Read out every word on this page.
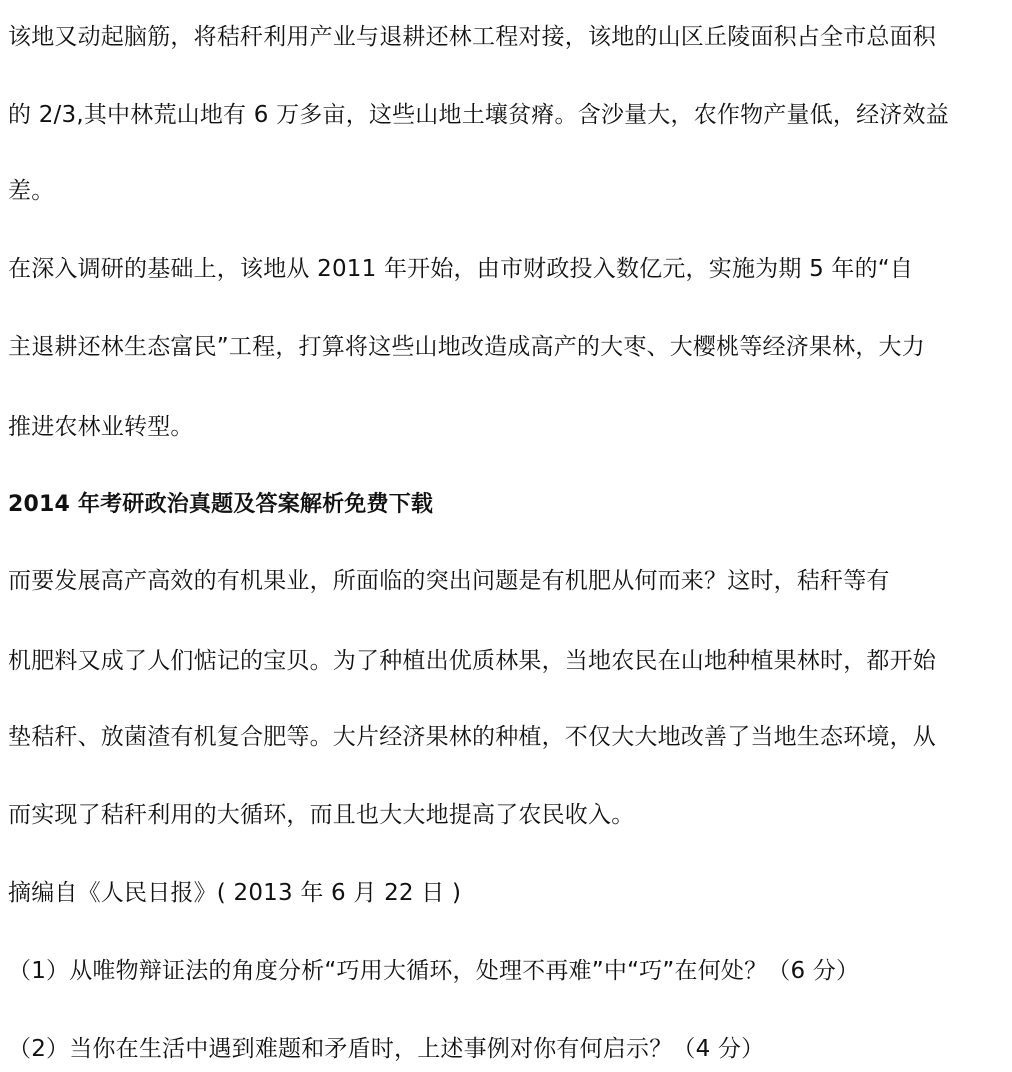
该地又动起脑筋，将秸秆利用产业与退耕还林工程对接，该地的山区丘陵面积占全市总面积
的 2/3,其中林荒山地有 6 万多亩，这些山地土壤贫瘠。含沙量大，农作物产量低，经济效益
差。
在深入调研的基础上，该地从 2011 年开始，由市财政投入数亿元，实施为期 5 年的“自
主退耕还林生态富民”工程，打算将这些山地改造成高产的大枣、大樱桃等经济果林，大力
推进农林业转型。
2014 年考研政治真题及答案解析免费下载
而要发展高产高效的有机果业，所面临的突出问题是有机肥从何而来？这时，秸秆等有
机肥料又成了人们惦记的宝贝。为了种植出优质林果，当地农民在山地种植果林时，都开始
垫秸秆、放菌渣有机复合肥等。大片经济果林的种植，不仅大大地改善了当地生态环境，从
而实现了秸秆利用的大循环，而且也大大地提高了农民收入。
摘编自《人民日报》( 2013 年 6 月 22 日 )
（1）从唯物辩证法的角度分析“巧用大循环，处理不再难”中“巧”在何处？（6 分）
（2）当你在生活中遇到难题和矛盾时，上述事例对你有何启示？（4 分）
